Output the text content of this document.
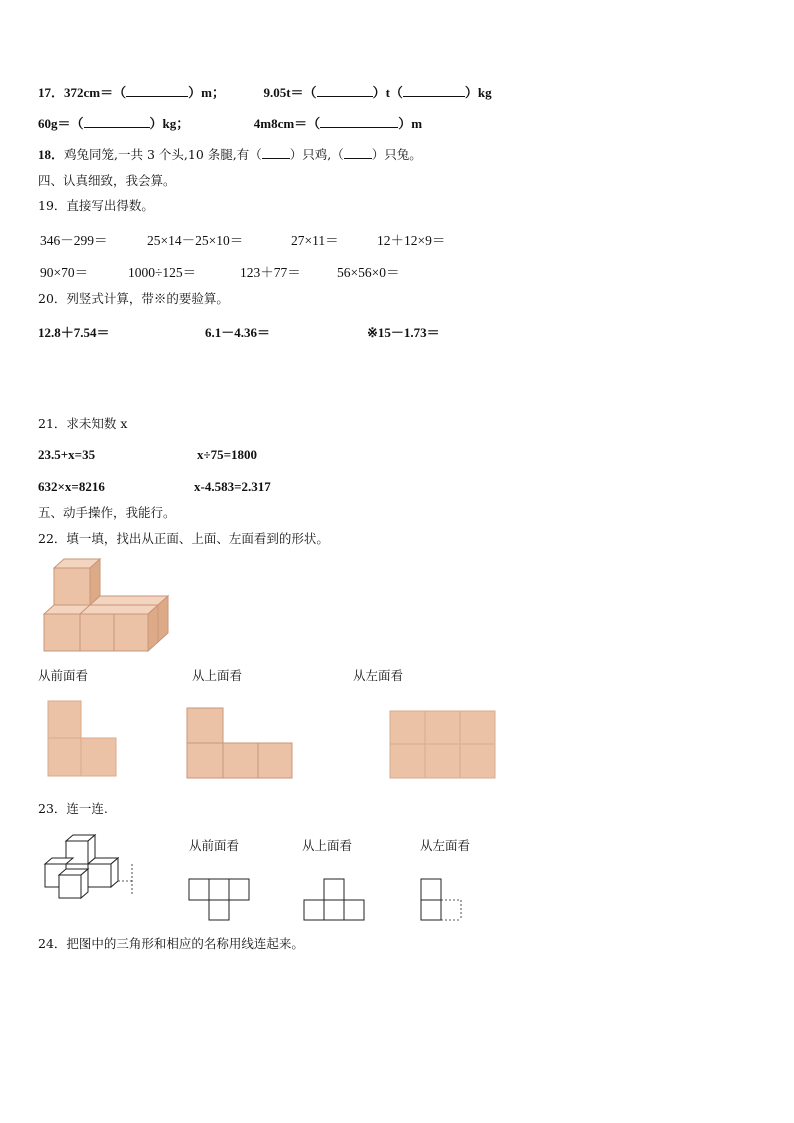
17．372cm＝（	）m；	9.05t＝（	）t（	）kg
60g＝（	）kg；	4m8cm＝（	）m
18．鸡兔同笼,一共 3 个头,10 条腿,有（ ）只鸡,（ ）只兔。
四、认真细致，我会算。
19．直接写出得数。
346－299＝	25×14－25×10＝	27×11＝	12＋12×9＝
90×70＝	1000÷125＝	123＋77＝	56×56×0＝
20．列竖式计算，带※的要验算。
12.8＋7.54＝	6.1－4.36＝	※15－1.73＝
21．求未知数 x
23.5+x=35	x÷75=1800
632×x=8216	x-4.583=2.317
五、动手操作，我能行。
22．填一填，找出从正面、上面、左面看到的形状。
从前面看	从上面看	从左面看
23．连一连.
从前面看	从上面看	从左面看
24．把图中的三角形和相应的名称用线连起来。
